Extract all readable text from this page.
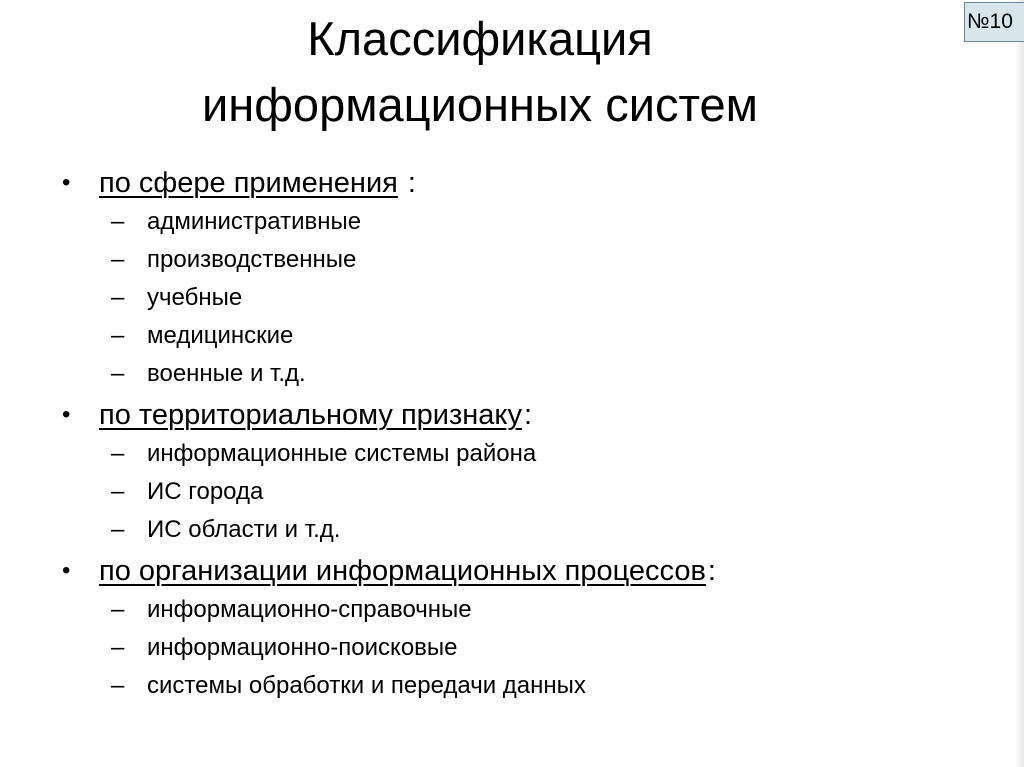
№10
Классификация
информационных систем
• по сфере применения :
– административные
– производственные
– учебные
– медицинские
– военные и т.д.
• по территориальному признаку:
– информационные системы района
– ИС города
– ИС области и т.д.
• по организации информационных процессов:
– информационно-справочные
– информационно-поисковые
– системы обработки и передачи данных
